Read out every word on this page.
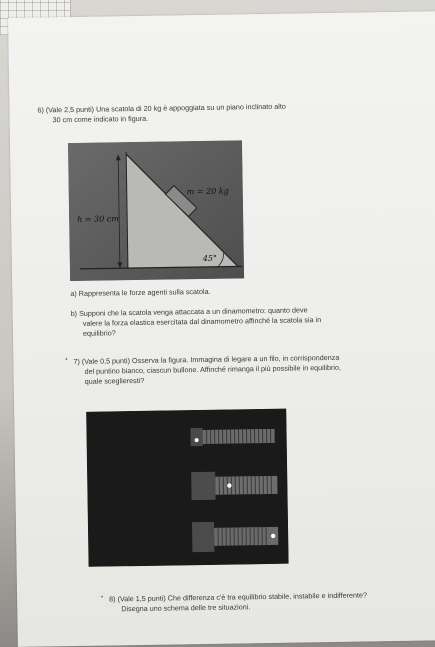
6) (Vale 2,5 punti) Una scatola di 20 kg è appoggiata su un piano inclinato alto
30 cm come indicato in figura.
m = 20 kg
h = 30 cm
45°
a) Rappresenta le forze agenti sulla scatola.
b) Supponi che la scatola venga attaccata a un dinamometro: quanto deve
valere la forza elastica esercitata dal dinamometro affinché la scatola sia in
equilibrio?
• 7) (Vale 0,5 punti) Osserva la figura. Immagina di legare a un filo, in corrispondenza
del puntino bianco, ciascun bullone. Affinché rimanga il più possibile in equilibrio,
quale sceglieresti?
• 8) (Vale 1,5 punti) Che differenza c'è tra equilibrio stabile, instabile e indifferente?
Disegna uno schema delle tre situazioni.
